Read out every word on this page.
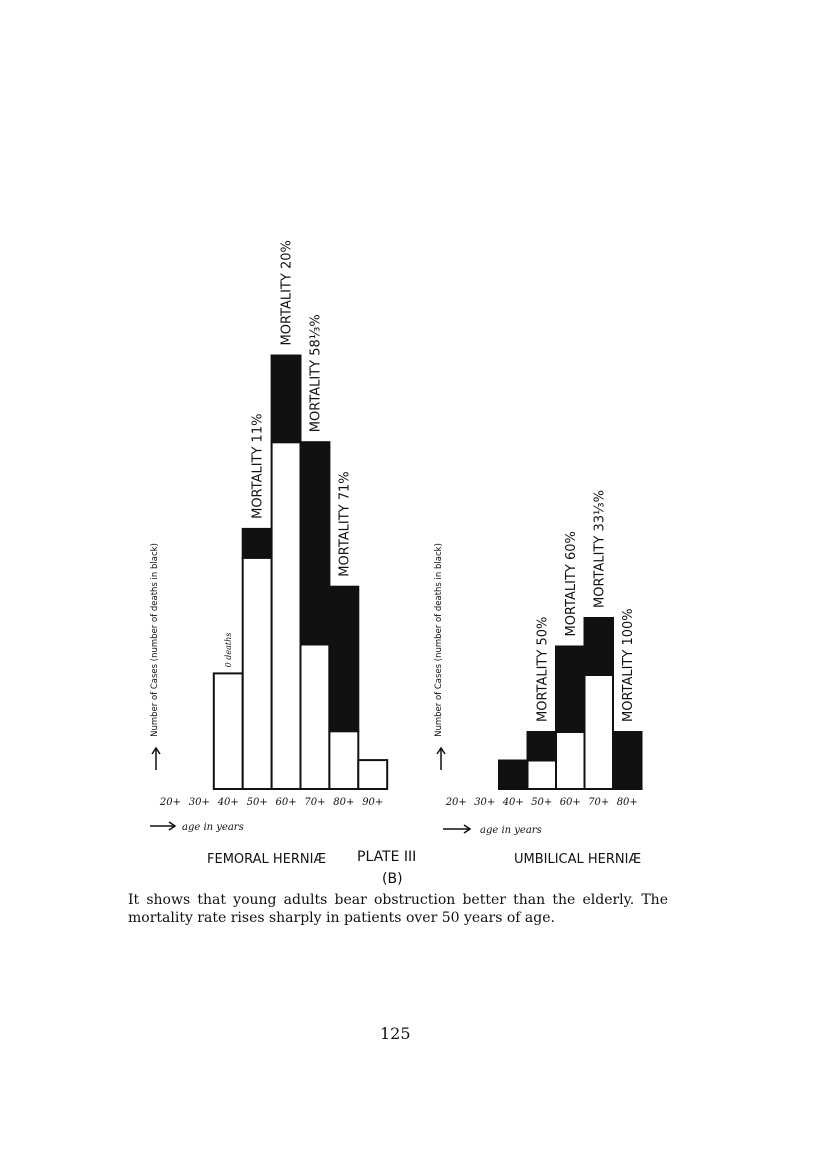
20+ 30+ 40+ 50+ 60+ 70+ 80+ 90+
0 deaths
MORTALITY 11%
MORTALITY 20%
MORTALITY 58⅓%
MORTALITY 71%
Number of Cases (number of deaths in black)
age in years
FEMORAL HERNIÆ
20+ 30+ 40+ 50+ 60+ 70+ 80+
MORTALITY 50%
MORTALITY 60% MORTALITY 33⅓%
MORTALITY 100%
Number of Cases (number of deaths in black)
age in years
UMBILICAL HERNIÆ
PLATE III
(B)
It shows that young adults bear obstruction better than the elderly. The
mortality rate rises sharply in patients over 50 years of age.
125
